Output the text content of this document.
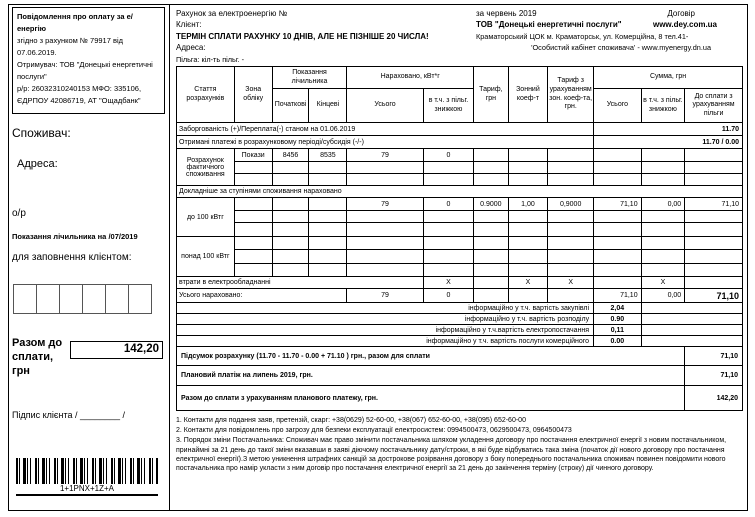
Повідомлення про оплату за е/енергію
згідно з рахунком № 79917 від 07.06.2019.
Отримувач: ТОВ "Донецькі енергетичні послуги"
р/р: 26032310240153 МФО: 335106,
ЄДРПОУ 42086719, АТ "Ощадбанк"
Споживач:
Адреса:
о/р
Показання лічильника на /07/2019
для заповнення клієнтом:
Разом до сплати, грн
142,20
Підпис клієнта / ________ /
1+1PNX+1Z+A
Рахунок за електроенергію №	за червень 2019	Договір
Клієнт:	ТОВ "Донецькі енергетичні послуги"	www.dey.com.ua
ТЕРМІН СПЛАТИ РАХУНКУ 10 ДНІВ, АЛЕ НЕ ПІЗНІШЕ 20 ЧИСЛА!	Краматорський ЦОК м. Краматорськ, ул. Комерційна, 8 тел.41-
Адреса:	'Особистий кабінет споживача' - www.myenergy.dn.ua
Пільга: кіл-ть пільг. -
Стаття розрахунків	Зона обліку	Показання лічильника		Нараховано, кВт*г		Тариф, грн	Зонний коеф-т	Тариф з урахуванням зон. коеф-та, грн.	Сумма, грн		
		Початкові	Кінцеві	Усього	в т.ч. з пільг. знижкою				Усього	в т.ч. з пільг. знижкою	До сплати з урахуванням пільги
Заборгованість (+)/Переплата(-) станом на 01.06.2019									11.70		
Отримані платежі в розрахунковому періоді/субсидія (-/-)									11.70 / 0.00		
Розрахунок фактичного споживання	Покази	8456	8535	79	0						

Докладніше за ступінями споживання нараховано											
до 100 кВтг				79	0	0.9000	1,00	0,9000	71,10	0,00	71,10

понад 100 кВтг											

втрати в електрообладнанні					X		X	X		X	
Усього нараховано:				79	0				71,10	0,00	71,10
інформаційно у т.ч. вартість закупівлі									2,04		
інформаційно у т.ч. вартість розподілу									0.90		
інформаційно у т.ч.вартість електропостачання									0,11		
інформаційно у т.ч. вартість послуги комерційного									0.00		
Підсумок розрахунку (11.70 - 11.70 - 0.00 + 71.10 ) грн., разом для сплати											71,10
Плановий платіж на липень 2019, грн.											71,10
Разом до сплати з урахуванням планового платежу, грн.											142,20

1. Контакти для подання заяв, претензій, скарг: +38(0629) 52-60-00, +38(067) 652-60-00, +38(095) 652-60-00

2. Контакти для повідомлень про загрозу для безпеки експлуатації електросистем: 0994500473, 0629500473, 0964500473

3. Порядок зміни Постачальника: Споживач має право змінити постачальника шляхом укладення договору про постачання електричної енергії з новим постачальником, принаймні за 21 день до такої зміни вказавши в заяві діючому постачальнику дату/строки, в які буде відбуватись така зміна (початок дії нового договору про постачання електричної енергії).З метою уникнення штрафних санкцій за дострокове розірвання договору з боку попереднього постачальника споживач повинен повідомити нового постачальника про намір укласти з ним договір про постачання електричної енергії за 21 день до закінчення терміну (строку) дії чинного договору.
